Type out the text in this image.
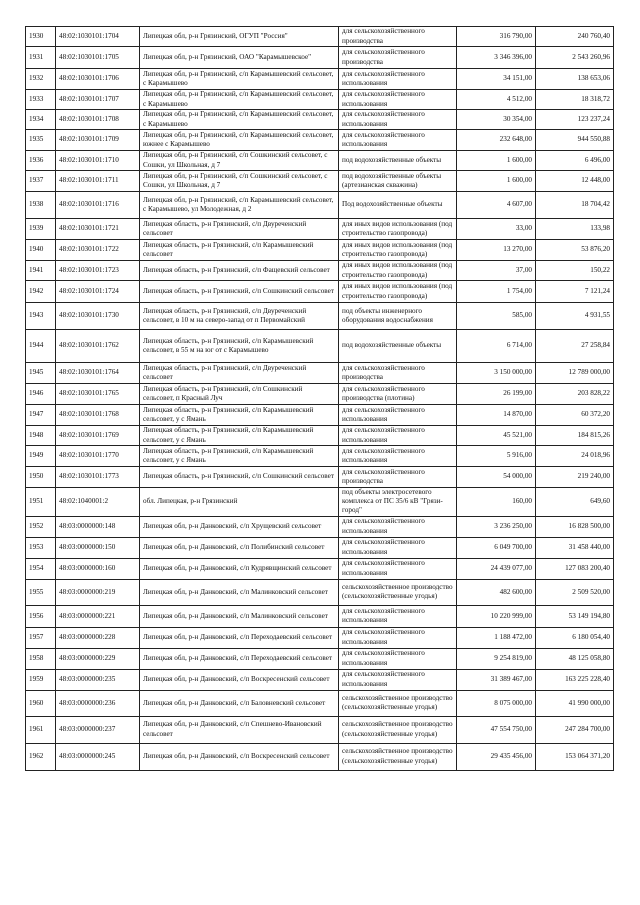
1930	48:02:1030101:1704	Липецкая обл, р-н Грязинский, ОГУП "Россия"	для сельскохозяйственного производства	316 790,00	240 760,40
1931	48:02:1030101:1705	Липецкая обл, р-н Грязинский, ОАО "Карамышевское"	для сельскохозяйственного производства	3 346 396,00	2 543 260,96
1932	48:02:1030101:1706	Липецкая обл, р-н Грязинский, с/п Карамышевский сельсовет, с Карамышево	для сельскохозяйственного использования	34 151,00	138 653,06
1933	48:02:1030101:1707	Липецкая обл, р-н Грязинский, с/п Карамышевский сельсовет, с Карамышево	для сельскохозяйственного использования	4 512,00	18 318,72
1934	48:02:1030101:1708	Липецкая обл, р-н Грязинский, с/п Карамышевский сельсовет, с Карамышево	для сельскохозяйственного использования	30 354,00	123 237,24
1935	48:02:1030101:1709	Липецкая обл, р-н Грязинский, с/п Карамышевский сельсовет, южнее с Карамышево	для сельскохозяйственного использования	232 648,00	944 550,88
1936	48:02:1030101:1710	Липецкая обл, р-н Грязинский, с/п Сошкинский сельсовет, с Сошки, ул Школьная, д 7	под водохозяйственные объекты	1 600,00	6 496,00
1937	48:02:1030101:1711	Липецкая обл, р-н Грязинский, с/п Сошкинский сельсовет, с Сошки, ул Школьная, д 7	под водохозяйственные объекты (артезианская скважина)	1 600,00	12 448,00
1938	48:02:1030101:1716	Липецкая обл, р-н Грязинский, с/п Карамышевский сельсовет, с Карамышево, ул Молодежная, д 2	Под водохозяйственные объекты	4 607,00	18 704,42
1939	48:02:1030101:1721	Липецкая область, р-н Грязинский, с/п Двуреченский сельсовет	для иных видов использования (под строительство газопровода)	33,00	133,98
1940	48:02:1030101:1722	Липецкая область, р-н Грязинский, с/п Карамышевский сельсовет	для иных видов использования (под строительство газопровода)	13 270,00	53 876,20
1941	48:02:1030101:1723	Липецкая область, р-н Грязинский, с/п Фащевский сельсовет	для иных видов использования (под строительство газопровода)	37,00	150,22
1942	48:02:1030101:1724	Липецкая область, р-н Грязинский, с/п Сошкинский сельсовет	для иных видов использования (под строительство газопровода)	1 754,00	7 121,24
1943	48:02:1030101:1730	Липецкая область, р-н Грязинский, с/п Двуреченский сельсовет, в 10 м на северо-запад от п Первомайский	под объекты инженерного оборудования водоснабжения	585,00	4 931,55
1944	48:02:1030101:1762	Липецкая область, р-н Грязинский, с/п Карамышевский сельсовет, в 55 м на юг от с Карамышево	под водохозяйственные объекты	6 714,00	27 258,84
1945	48:02:1030101:1764	Липецкая область, р-н Грязинский, с/п Двуреченский сельсовет	для сельскохозяйственного производства	3 150 000,00	12 789 000,00
1946	48:02:1030101:1765	Липецкая область, р-н Грязинский, с/п Сошкинский сельсовет, п Красный Луч	для сельскохозяйственного производства (плотина)	26 199,00	203 828,22
1947	48:02:1030101:1768	Липецкая область, р-н Грязинский, с/п Карамышевский сельсовет, у с Ямань	для сельскохозяйственного использования	14 870,00	60 372,20
1948	48:02:1030101:1769	Липецкая область, р-н Грязинский, с/п Карамышевский сельсовет, у с Ямань	для сельскохозяйственного использования	45 521,00	184 815,26
1949	48:02:1030101:1770	Липецкая область, р-н Грязинский, с/п Карамышевский сельсовет, у с Ямань	для сельскохозяйственного использования	5 916,00	24 018,96
1950	48:02:1030101:1773	Липецкая область, р-н Грязинский, с/п Сошкинский сельсовет	для сельскохозяйственного производства	54 000,00	219 240,00
1951	48:02:1040001:2	обл. Липецкая, р-н Грязинский	под объекты электросетевого комплекса от ПС 35/6 кВ "Грязи-город"	160,00	649,60
1952	48:03:0000000:148	Липецкая обл, р-н Данковский, с/п Хрущевский сельсовет	для сельскохозяйственного использования	3 236 250,00	16 828 500,00
1953	48:03:0000000:150	Липецкая обл, р-н Данковский, с/п Полибинский сельсовет	для сельскохозяйственного использования	6 049 700,00	31 458 440,00
1954	48:03:0000000:160	Липецкая обл, р-н Данковский, с/п Кудрявщинский сельсовет	для сельскохозяйственного использования	24 439 077,00	127 083 200,40
1955	48:03:0000000:219	Липецкая обл, р-н Данковский, с/п Малинковский сельсовет	сельскохозяйственное производство (сельскохозяйственные угодья)	482 600,00	2 509 520,00
1956	48:03:0000000:221	Липецкая обл, р-н Данковский, с/п Малинковский сельсовет	для сельскохозяйственного использования	10 220 999,00	53 149 194,80
1957	48:03:0000000:228	Липецкая обл, р-н Данковский, с/п Переходаевский сельсовет	для сельскохозяйственного использования	1 188 472,00	6 180 054,40
1958	48:03:0000000:229	Липецкая обл, р-н Данковский, с/п Переходаевский сельсовет	для сельскохозяйственного использования	9 254 819,00	48 125 058,80
1959	48:03:0000000:235	Липецкая обл, р-н Данковский, с/п Воскресенский сельсовет	для сельскохозяйственного использования	31 389 467,00	163 225 228,40
1960	48:03:0000000:236	Липецкая обл, р-н Данковский, с/п Баловневский сельсовет	сельскохозяйственное производство (сельскохозяйственные угодья)	8 075 000,00	41 990 000,00
1961	48:03:0000000:237	Липецкая обл, р-н Данковский, с/п Спешнево-Ивановский сельсовет	сельскохозяйственное производство (сельскохозяйственные угодья)	47 554 750,00	247 284 700,00
1962	48:03:0000000:245	Липецкая обл, р-н Данковский, с/п Воскресенский сельсовет	сельскохозяйственное производство (сельскохозяйственные угодья)	29 435 456,00	153 064 371,20
